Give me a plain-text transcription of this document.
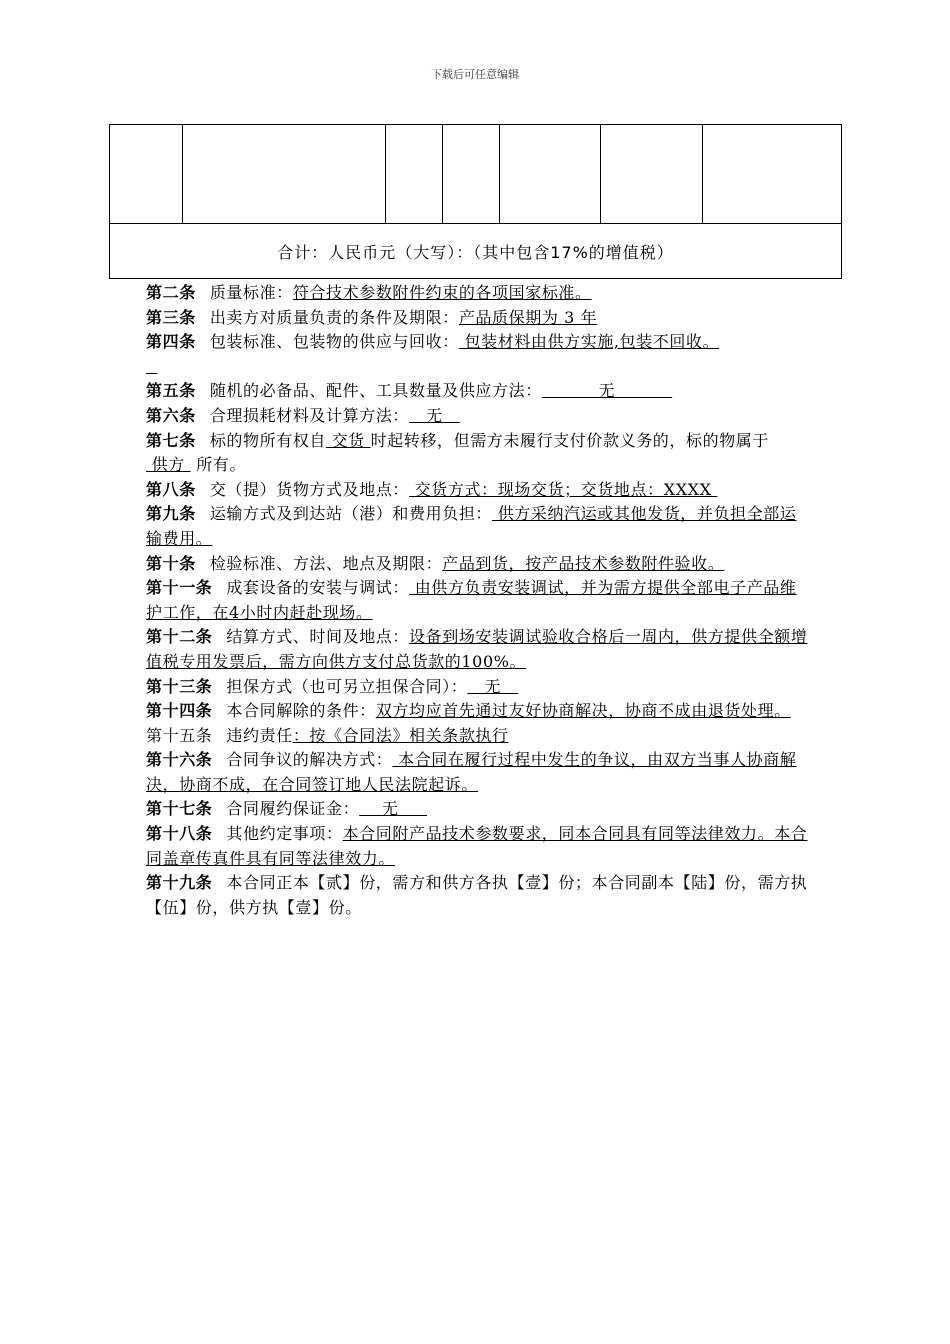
下载后可任意编辑

合计：人民币元（大写）：（其中包含17%的增值税）

第二条 质量标准：符合技术参数附件约束的各项国家标准。

第三条 出卖方对质量负责的条件及期限：产品质保期为 3 年

第四条 包装标准、包装物的供应与回收： 包装材料由供方实施,包装不回收。

第五条 随机的必备品、配件、工具数量及供应方法：          无

第六条 合理损耗材料及计算方法：   无

第七条 标的物所有权自 交货 时起转移，但需方未履行支付价款义务的，标的物属于 供方  所有。

第八条 交（提）货物方式及地点： 交货方式：现场交货；交货地点：XXXX

第九条 运输方式及到达站（港）和费用负担： 供方采纳汽运或其他发货，并负担全部运输费用。

第十条 检验标准、方法、地点及期限：产品到货，按产品技术参数附件验收。

第十一条 成套设备的安装与调试： 由供方负责安装调试，并为需方提供全部电子产品维护工作，在4小时内赶赴现场。

第十二条 结算方式、时间及地点：设备到场安装调试验收合格后一周内，供方提供全额增值税专用发票后，需方向供方支付总货款的100%。

第十三条 担保方式（也可另立担保合同）：   无

第十四条 本合同解除的条件：双方均应首先通过友好协商解决，协商不成由退货处理。

第十五条 违约责任：按《合同法》相关条款执行

第十六条 合同争议的解决方式： 本合同在履行过程中发生的争议，由双方当事人协商解决，协商不成，在合同签订地人民法院起诉。

第十七条 合同履约保证金：    无

第十八条 其他约定事项：本合同附产品技术参数要求，同本合同具有同等法律效力。本合同盖章传真件具有同等法律效力。

第十九条 本合同正本【贰】份，需方和供方各执【壹】份；本合同副本【陆】份，需方执【伍】份，供方执【壹】份。
